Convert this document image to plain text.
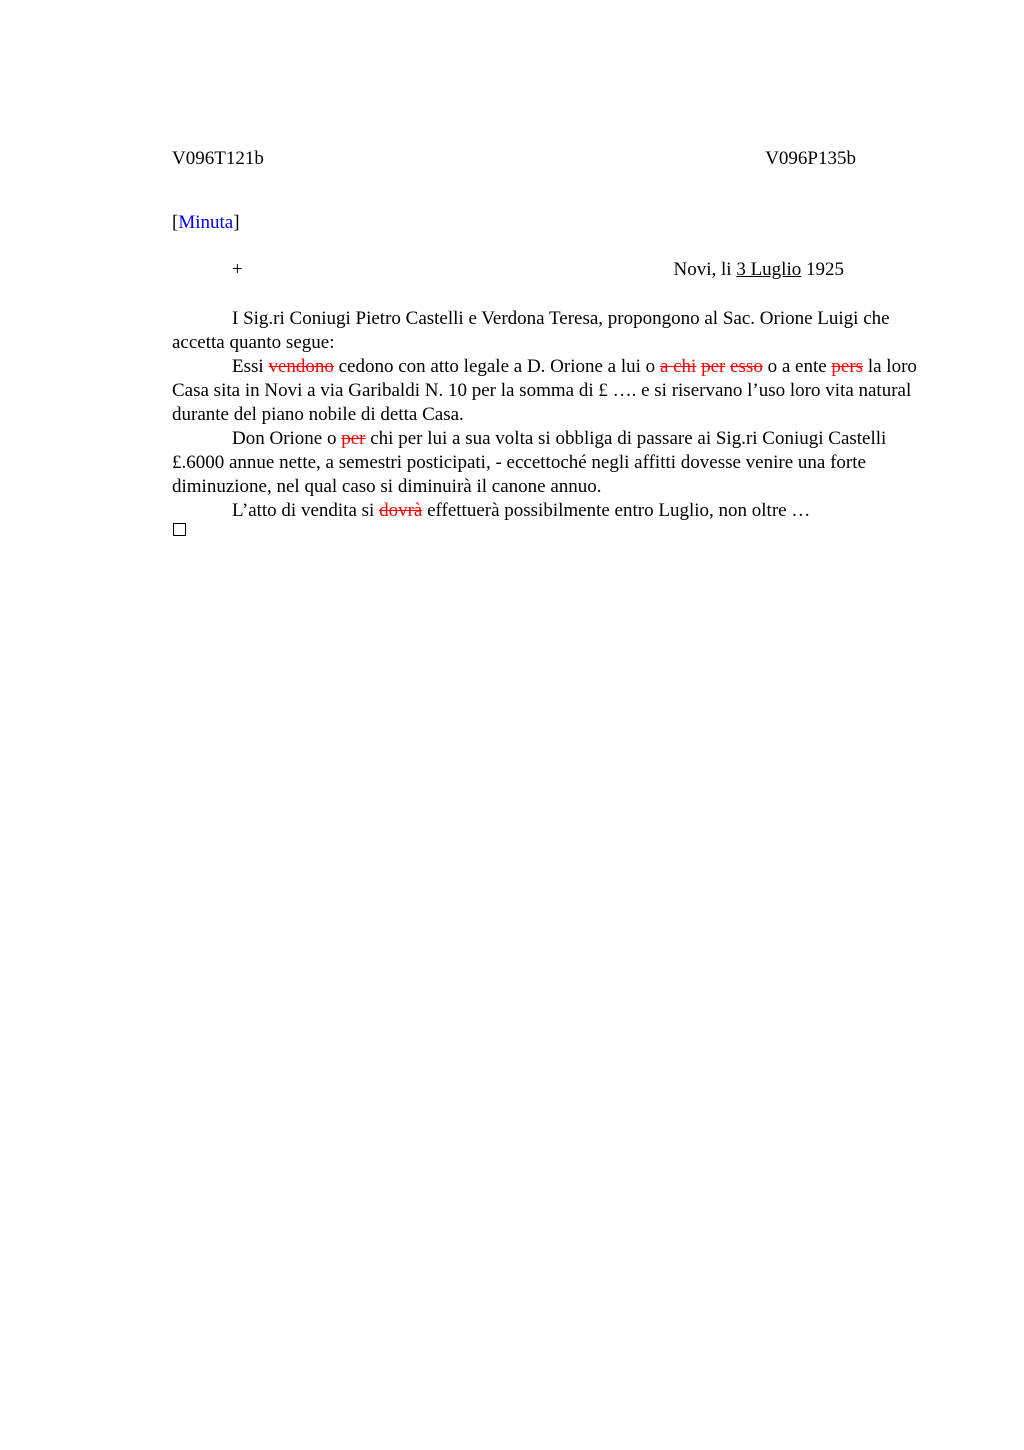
V096T121b	V096P135b
[Minuta]
+	Novi, li 3 Luglio 1925

I Sig.ri Coniugi Pietro Castelli e Verdona Teresa, propongono al Sac. Orione Luigi che accetta quanto segue:

Essi vendono cedono con atto legale a D. Orione a lui o a chi per esso o a ente pers la loro Casa sita in Novi a via Garibaldi N. 10 per la somma di £ …. e si riservano l’uso loro vita natural durante del piano nobile di detta Casa.

Don Orione o per chi per lui a sua volta si obbliga di passare ai Sig.ri Coniugi Castelli £.6000 annue nette, a semestri posticipati, - eccettoché negli affitti dovesse venire una forte diminuzione, nel qual caso si diminuirà il canone annuo.

L’atto di vendita si dovrà effettuerà possibilmente entro Luglio, non oltre …
